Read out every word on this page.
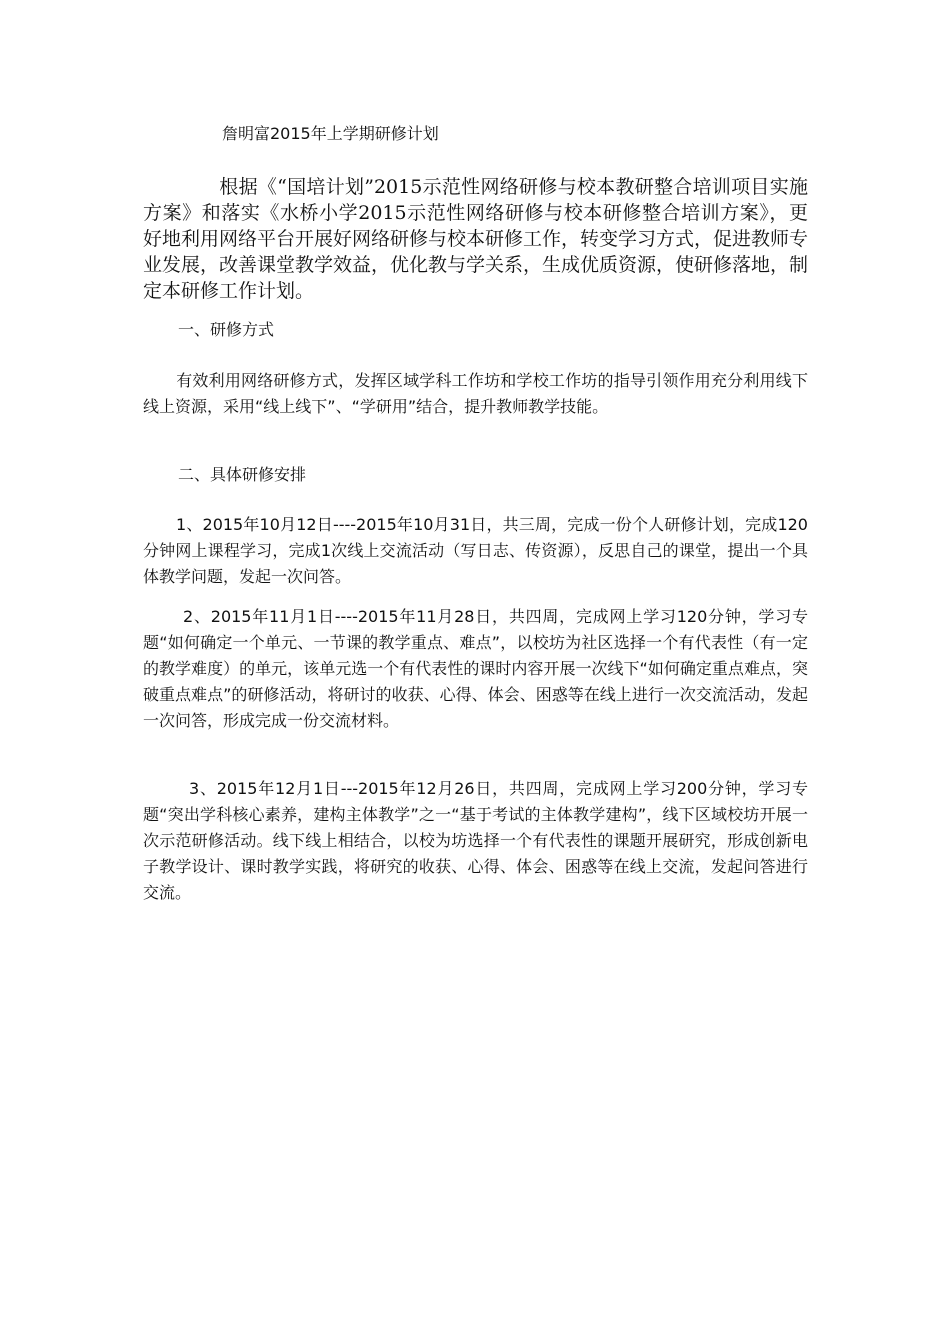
詹明富2015年上学期研修计划

根据《“国培计划”2015示范性网络研修与校本教研整合培训项目实施方案》和落实《水桥小学2015示范性网络研修与校本研修整合培训方案》，更好地利用网络平台开展好网络研修与校本研修工作，转变学习方式，促进教师专业发展，改善课堂教学效益，优化教与学关系，生成优质资源，使研修落地，制定本研修工作计划。

一、研修方式

有效利用网络研修方式，发挥区域学科工作坊和学校工作坊的指导引领作用充分利用线下线上资源，采用“线上线下”、“学研用”结合，提升教师教学技能。

二、具体研修安排

1、2015年10月12日----2015年10月31日，共三周，完成一份个人研修计划，完成120分钟网上课程学习，完成1次线上交流活动（写日志、传资源），反思自己的课堂，提出一个具体教学问题，发起一次问答。

2、2015年11月1日----2015年11月28日，共四周，完成网上学习120分钟，学习专题“如何确定一个单元、一节课的教学重点、难点”，以校坊为社区选择一个有代表性（有一定的教学难度）的单元，该单元选一个有代表性的课时内容开展一次线下“如何确定重点难点，突破重点难点”的研修活动，将研讨的收获、心得、体会、困惑等在线上进行一次交流活动，发起一次问答，形成完成一份交流材料。

3、2015年12月1日---2015年12月26日，共四周，完成网上学习200分钟，学习专题“突出学科核心素养，建构主体教学”之一“基于考试的主体教学建构”，线下区域校坊开展一次示范研修活动。线下线上相结合，以校为坊选择一个有代表性的课题开展研究，形成创新电子教学设计、课时教学实践，将研究的收获、心得、体会、困惑等在线上交流，发起问答进行交流。
